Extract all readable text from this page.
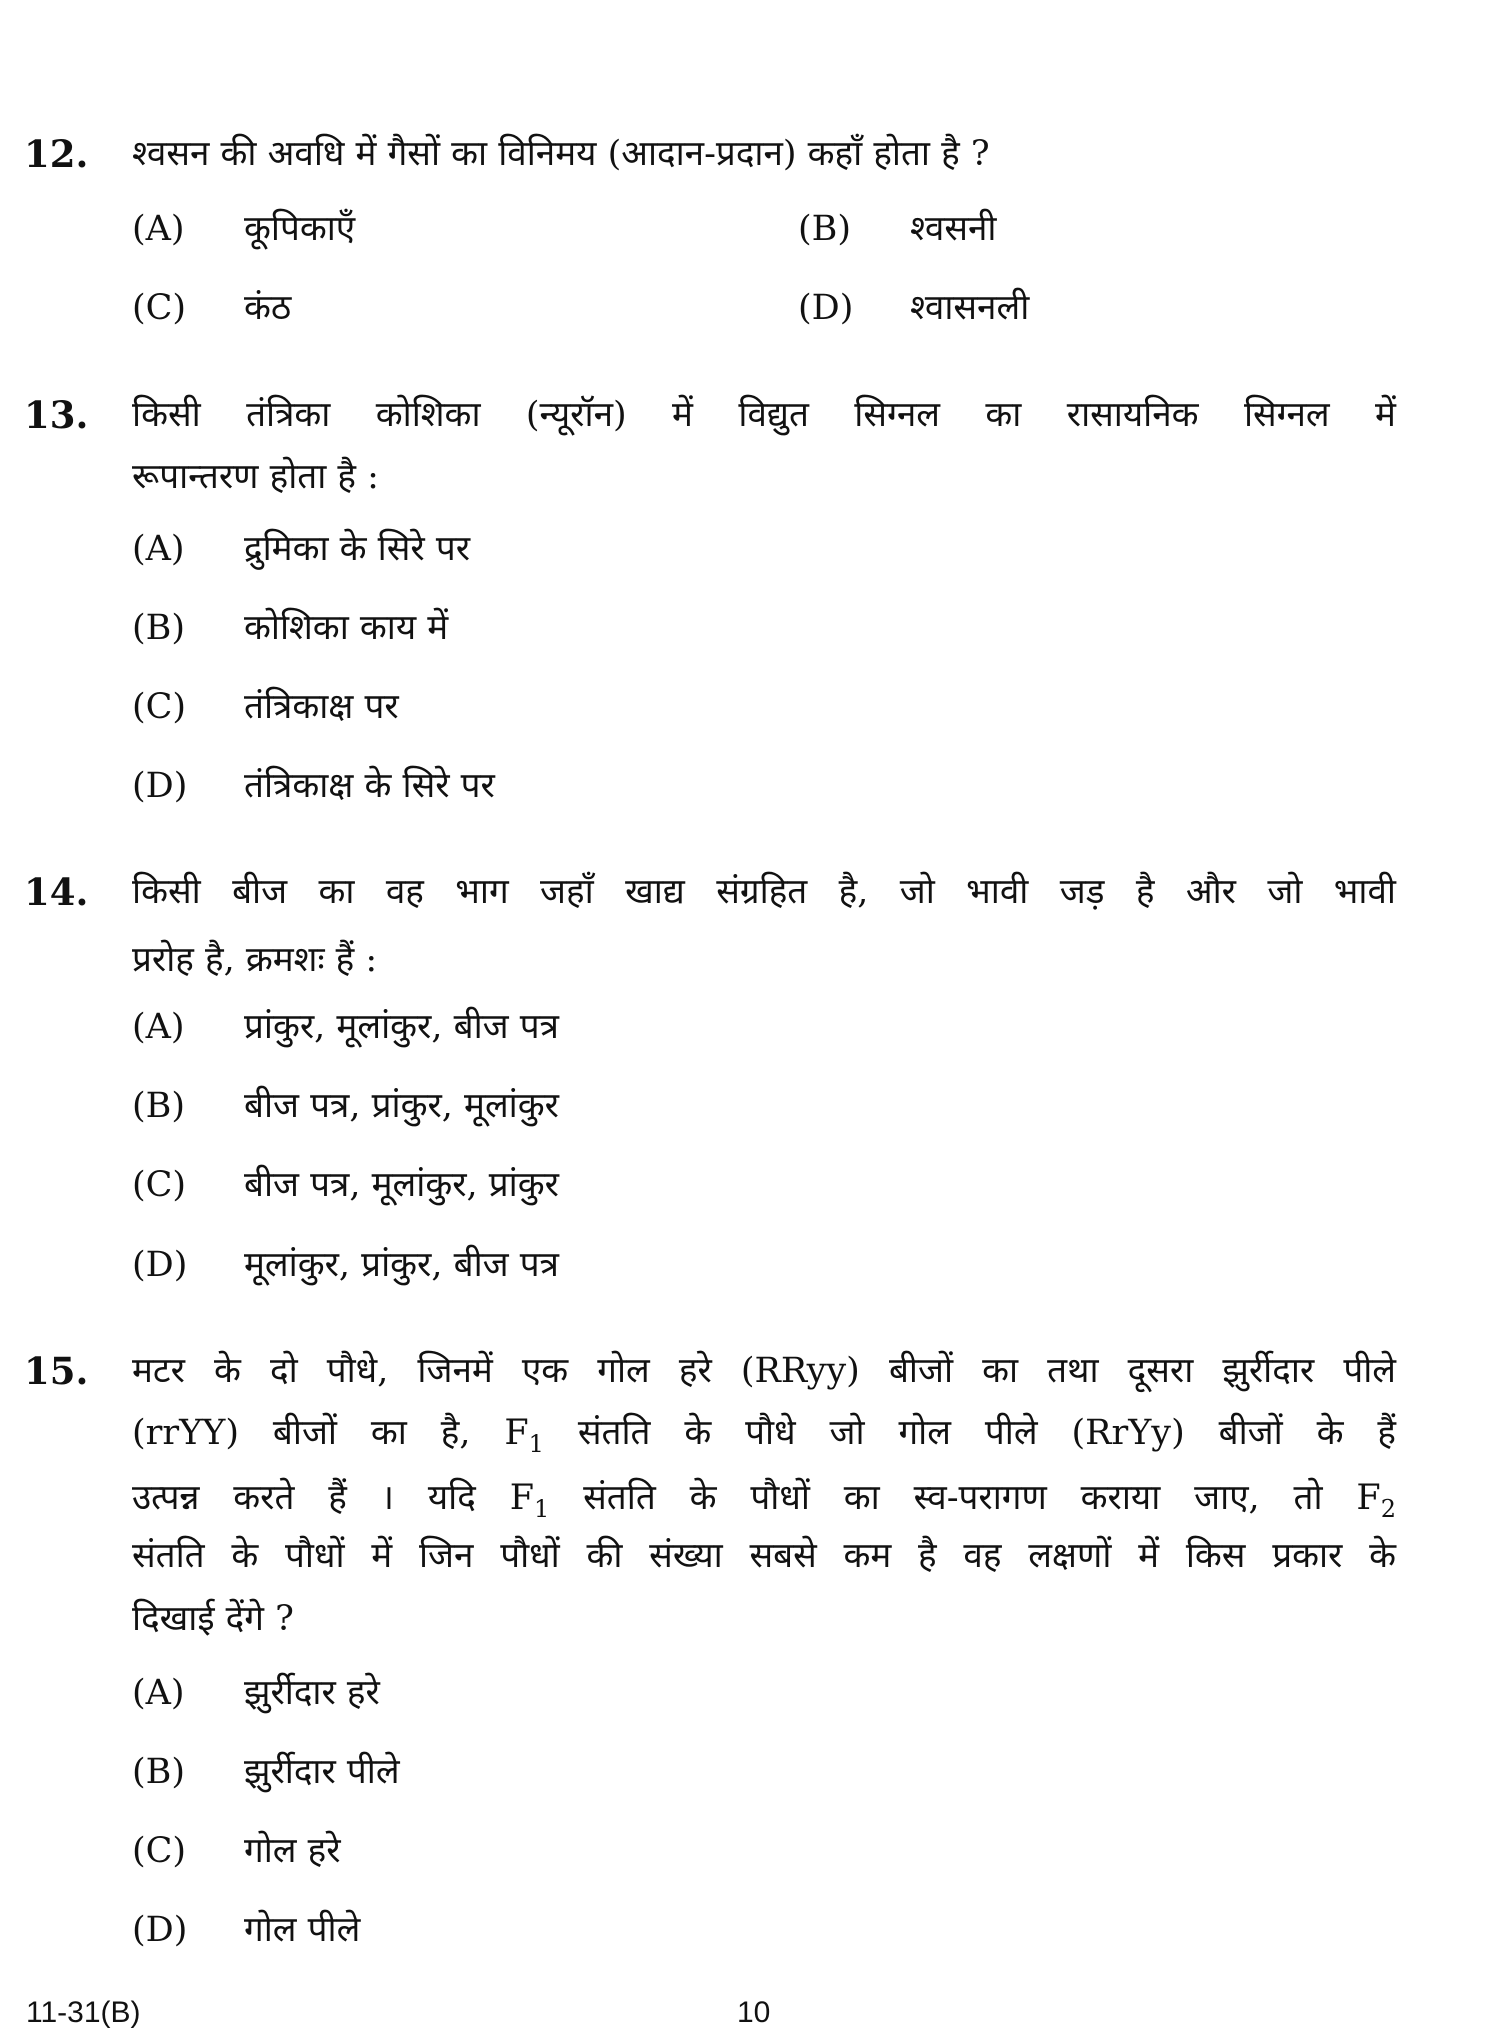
12. श्वसन की अवधि में गैसों का विनिमय (आदान-प्रदान) कहाँ होता है ?
(A) कूपिकाएँ	(B) श्वसनी
(C) कंठ	(D) श्वासनली
13. किसी तंत्रिका कोशिका (न्यूरॉन) में विद्युत सिग्नल का रासायनिक सिग्नल में
रूपान्तरण होता है :
(A) द्रुमिका के सिरे पर
(B) कोशिका काय में
(C) तंत्रिकाक्ष पर
(D) तंत्रिकाक्ष के सिरे पर
14. किसी बीज का वह भाग जहाँ खाद्य संग्रहित है, जो भावी जड़ है और जो भावी
प्ररोह है, क्रमशः हैं :
(A) प्रांकुर, मूलांकुर, बीज पत्र
(B) बीज पत्र, प्रांकुर, मूलांकुर
(C) बीज पत्र, मूलांकुर, प्रांकुर
(D) मूलांकुर, प्रांकुर, बीज पत्र
15. मटर के दो पौधे, जिनमें एक गोल हरे (RRyy) बीजों का तथा दूसरा झुर्रीदार पीले
(rrYY) बीजों का है, $F_1$ संतति के पौधे जो गोल पीले (RrYy) बीजों के हैं
उत्पन्न करते हैं । यदि $F_1$ संतति के पौधों का स्व-परागण कराया जाए, तो $F_2$
संतति के पौधों में जिन पौधों की संख्या सबसे कम है वह लक्षणों में किस प्रकार के
दिखाई देंगे ?
(A) झुर्रीदार हरे
(B) झुर्रीदार पीले
(C) गोल हरे
(D) गोल पीले
11-31(B)	10
